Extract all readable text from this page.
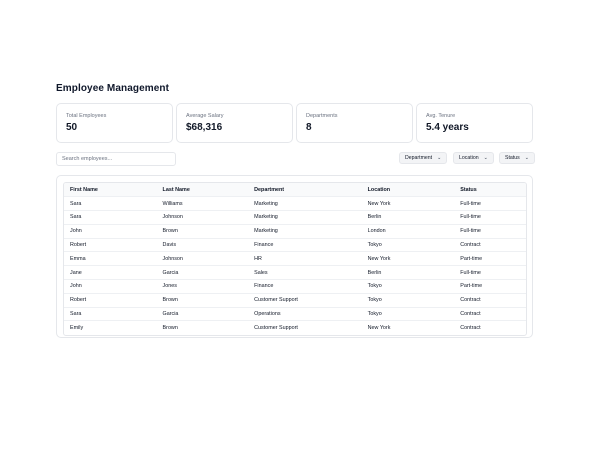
Employee Management
Total Employees
50
Average Salary
$68,316
Departments
8
Avg. Tenure
5.4 years
Search employees...
Department ⌄	Location ⌄	Status ⌄
First Name	Last Name	Department	Location	Status
Sara	Williams	Marketing	New York	Full-time
Sara	Johnson	Marketing	Berlin	Full-time
John	Brown	Marketing	London	Full-time
Robert	Davis	Finance	Tokyo	Contract
Emma	Johnson	HR	New York	Part-time
Jane	Garcia	Sales	Berlin	Full-time
John	Jones	Finance	Tokyo	Part-time
Robert	Brown	Customer Support	Tokyo	Contract
Sara	Garcia	Operations	Tokyo	Contract
Emily	Brown	Customer Support	New York	Contract
